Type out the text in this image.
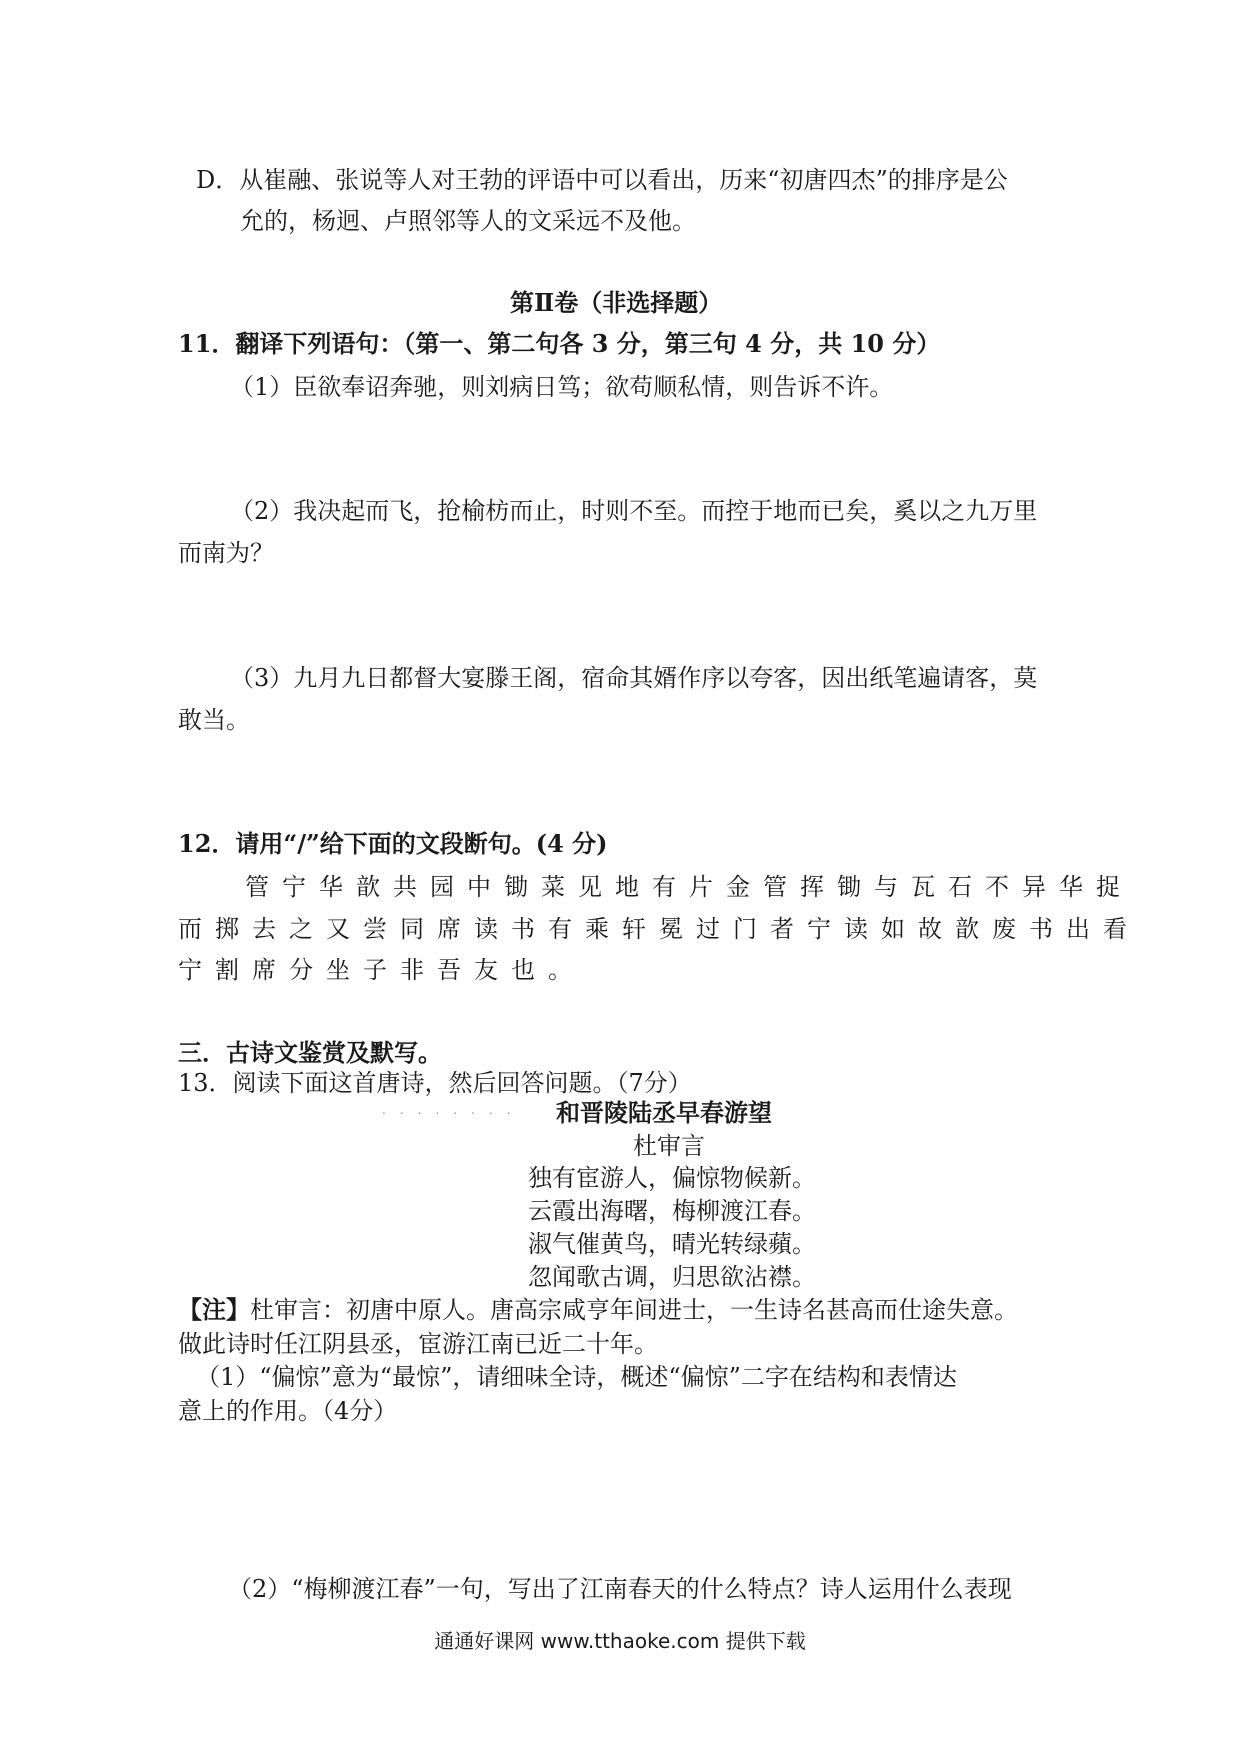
D．从崔融、张说等人对王勃的评语中可以看出，历来“初唐四杰”的排序是公
允的，杨迥、卢照邻等人的文采远不及他。
第Ⅱ卷（非选择题）
11．翻译下列语句：（第一、第二句各 3 分，第三句 4 分，共 10 分）
（1）臣欲奉诏奔驰，则刘病日笃；欲苟顺私情，则告诉不许。
（2）我决起而飞，抢榆枋而止，时则不至。而控于地而已矣，奚以之九万里
而南为？
（3）九月九日都督大宴滕王阁，宿命其婿作序以夸客，因出纸笔遍请客，莫
敢当。
12．请用“/”给下面的文段断句。(4 分)
管宁华歆共园中锄菜见地有片金管挥锄与瓦石不异华捉
而掷去之又尝同席读书有乘轩冕过门者宁读如故歆废书出看
宁割席分坐子非吾友也。
三．古诗文鉴赏及默写。
13．阅读下面这首唐诗，然后回答问题。（7分）
........ 和晋陵陆丞早春游望
杜审言
独有宦游人，偏惊物候新。
云霞出海曙，梅柳渡江春。
淑气催黄鸟，晴光转绿蘋。
忽闻歌古调，归思欲沾襟。
【注】杜审言：初唐中原人。唐高宗咸亨年间进士，一生诗名甚高而仕途失意。
做此诗时任江阴县丞，宦游江南已近二十年。
（1）“偏惊”意为“最惊”，请细味全诗，概述“偏惊”二字在结构和表情达
意上的作用。（4分）
（2）“梅柳渡江春”一句，写出了江南春天的什么特点？诗人运用什么表现
通通好课网 www.tthaoke.com 提供下载
